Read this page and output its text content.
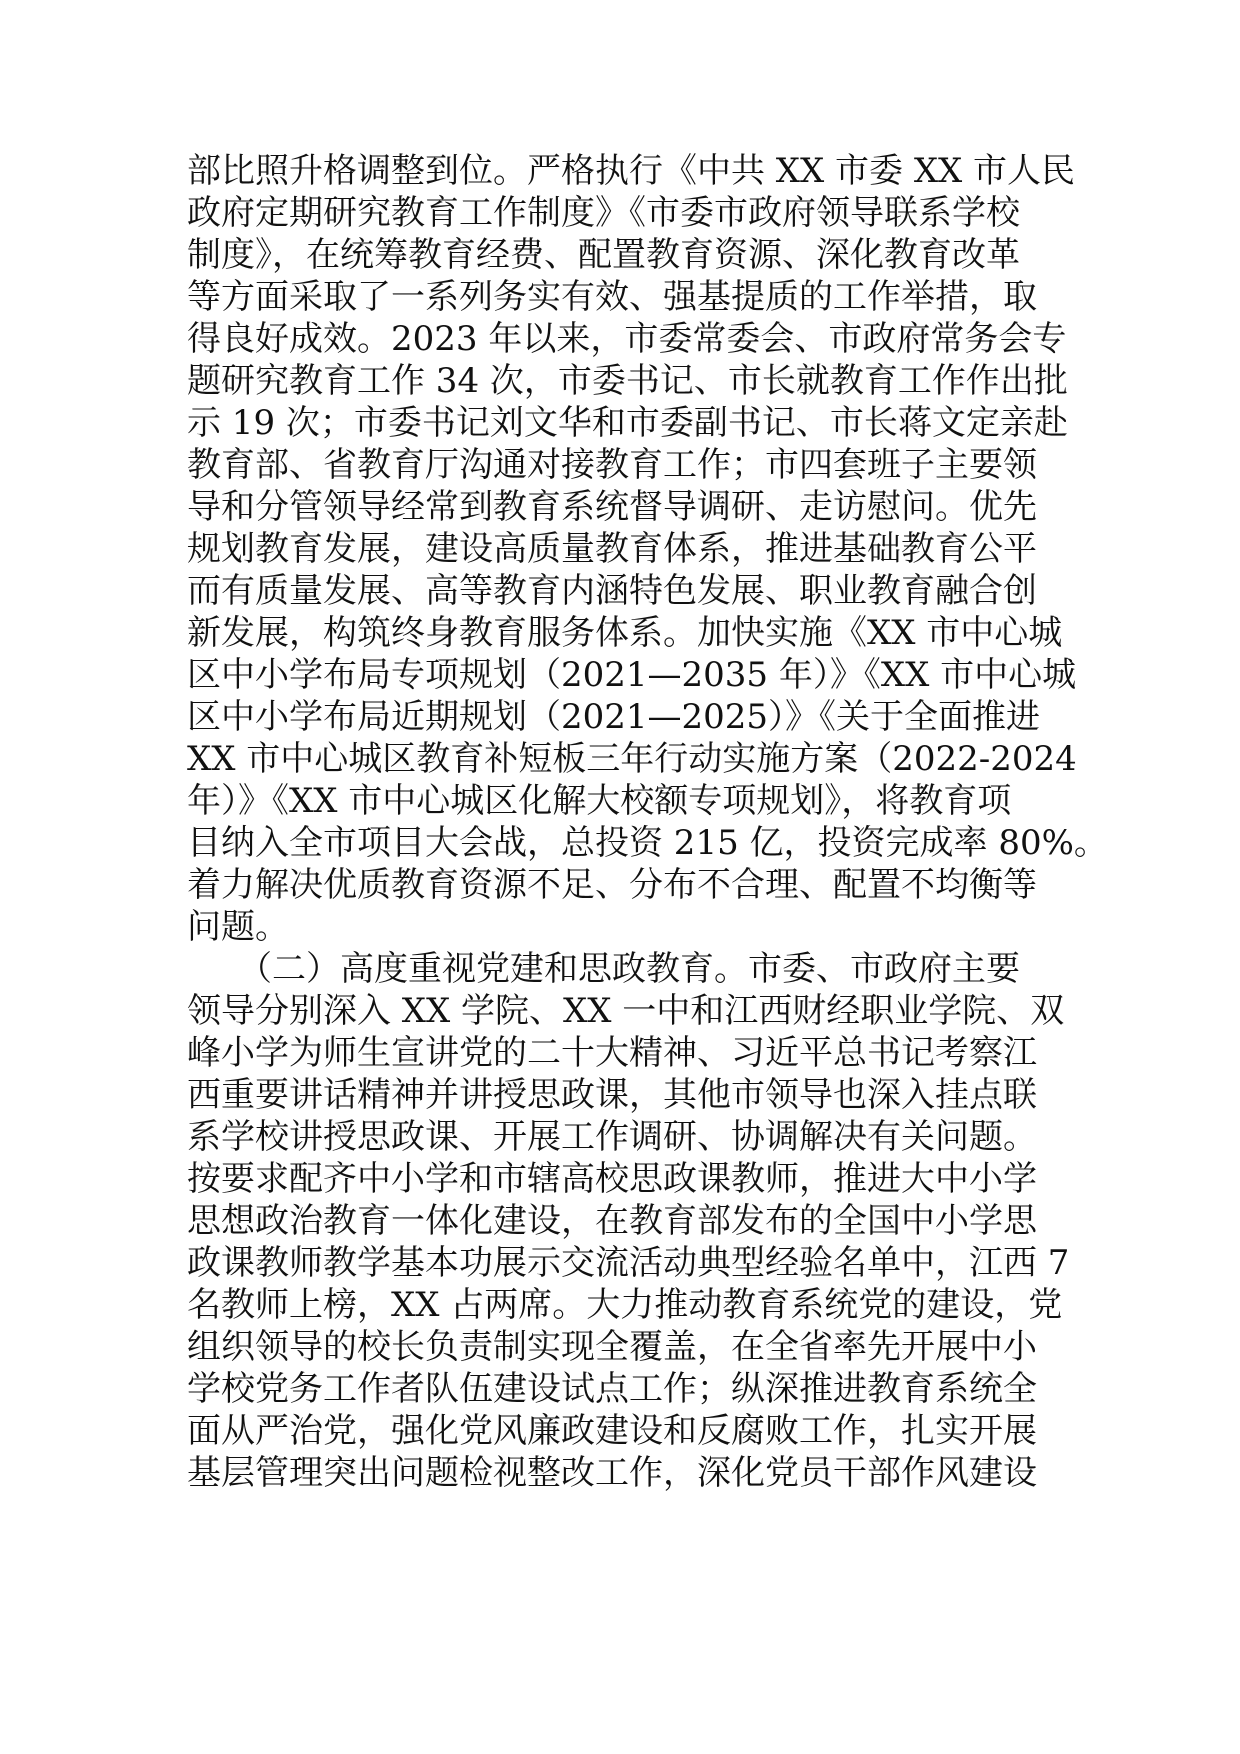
部比照升格调整到位。严格执行《中共 XX 市委 XX 市人民
政府定期研究教育工作制度》《市委市政府领导联系学校
制度》，在统筹教育经费、配置教育资源、深化教育改革
等方面采取了一系列务实有效、强基提质的工作举措，取
得良好成效。2023 年以来，市委常委会、市政府常务会专
题研究教育工作 34 次，市委书记、市长就教育工作作出批
示 19 次；市委书记刘文华和市委副书记、市长蒋文定亲赴
教育部、省教育厅沟通对接教育工作；市四套班子主要领
导和分管领导经常到教育系统督导调研、走访慰问。优先
规划教育发展，建设高质量教育体系，推进基础教育公平
而有质量发展、高等教育内涵特色发展、职业教育融合创
新发展，构筑终身教育服务体系。加快实施《XX 市中心城
区中小学布局专项规划（2021—2035 年）》《XX 市中心城
区中小学布局近期规划（2021—2025）》《关于全面推进
XX 市中心城区教育补短板三年行动实施方案（2022-2024
年）》《XX 市中心城区化解大校额专项规划》，将教育项
目纳入全市项目大会战，总投资 215 亿，投资完成率 80%。
着力解决优质教育资源不足、分布不合理、配置不均衡等
问题。
　　（二）高度重视党建和思政教育。市委、市政府主要
领导分别深入 XX 学院、XX 一中和江西财经职业学院、双
峰小学为师生宣讲党的二十大精神、习近平总书记考察江
西重要讲话精神并讲授思政课，其他市领导也深入挂点联
系学校讲授思政课、开展工作调研、协调解决有关问题。
按要求配齐中小学和市辖高校思政课教师，推进大中小学
思想政治教育一体化建设，在教育部发布的全国中小学思
政课教师教学基本功展示交流活动典型经验名单中，江西 7
名教师上榜，XX 占两席。大力推动教育系统党的建设，党
组织领导的校长负责制实现全覆盖，在全省率先开展中小
学校党务工作者队伍建设试点工作；纵深推进教育系统全
面从严治党，强化党风廉政建设和反腐败工作，扎实开展
基层管理突出问题检视整改工作，深化党员干部作风建设
